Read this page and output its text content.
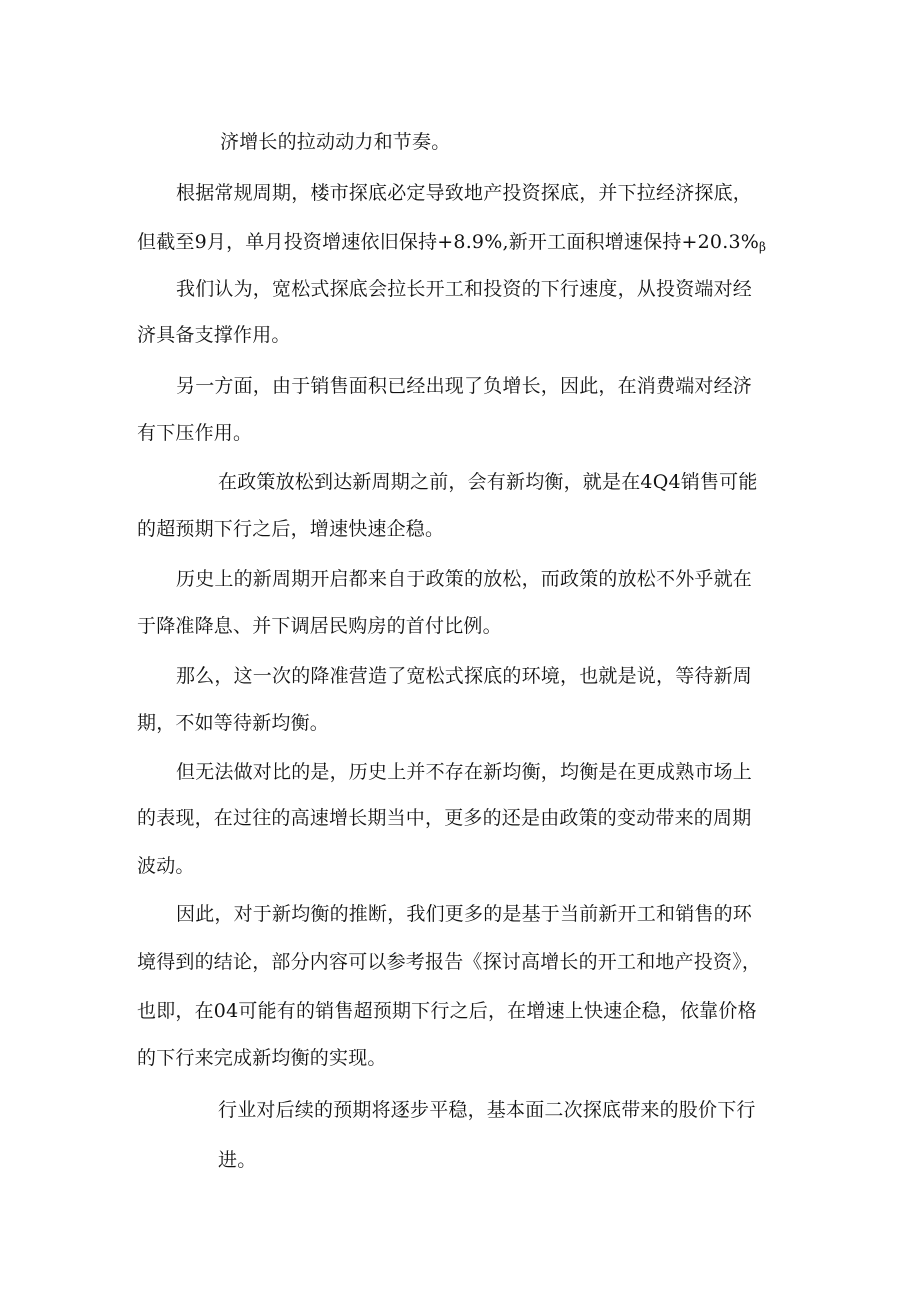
济增长的拉动动力和节奏。

根据常规周期，楼市探底必定导致地产投资探底，并下拉经济探底，

但截至9月，单月投资增速依旧保持+8.9%,新开工面积增速保持$+20.3\%_\beta$

我们认为，宽松式探底会拉长开工和投资的下行速度，从投资端对经

济具备支撑作用。

另一方面，由于销售面积已经出现了负增长，因此，在消费端对经济

有下压作用。

在政策放松到达新周期之前，会有新均衡，就是在4Q4销售可能

的超预期下行之后，增速快速企稳。

历史上的新周期开启都来自于政策的放松，而政策的放松不外乎就在

于降准降息、并下调居民购房的首付比例。

那么，这一次的降准营造了宽松式探底的环境，也就是说，等待新周

期，不如等待新均衡。

但无法做对比的是，历史上并不存在新均衡，均衡是在更成熟市场上

的表现，在过往的高速增长期当中，更多的还是由政策的变动带来的周期

波动。

因此，对于新均衡的推断，我们更多的是基于当前新开工和销售的环

境得到的结论，部分内容可以参考报告《探讨高增长的开工和地产投资》，

也即，在04可能有的销售超预期下行之后，在增速上快速企稳，依靠价格

的下行来完成新均衡的实现。

行业对后续的预期将逐步平稳，基本面二次探底带来的股价下行

进。
